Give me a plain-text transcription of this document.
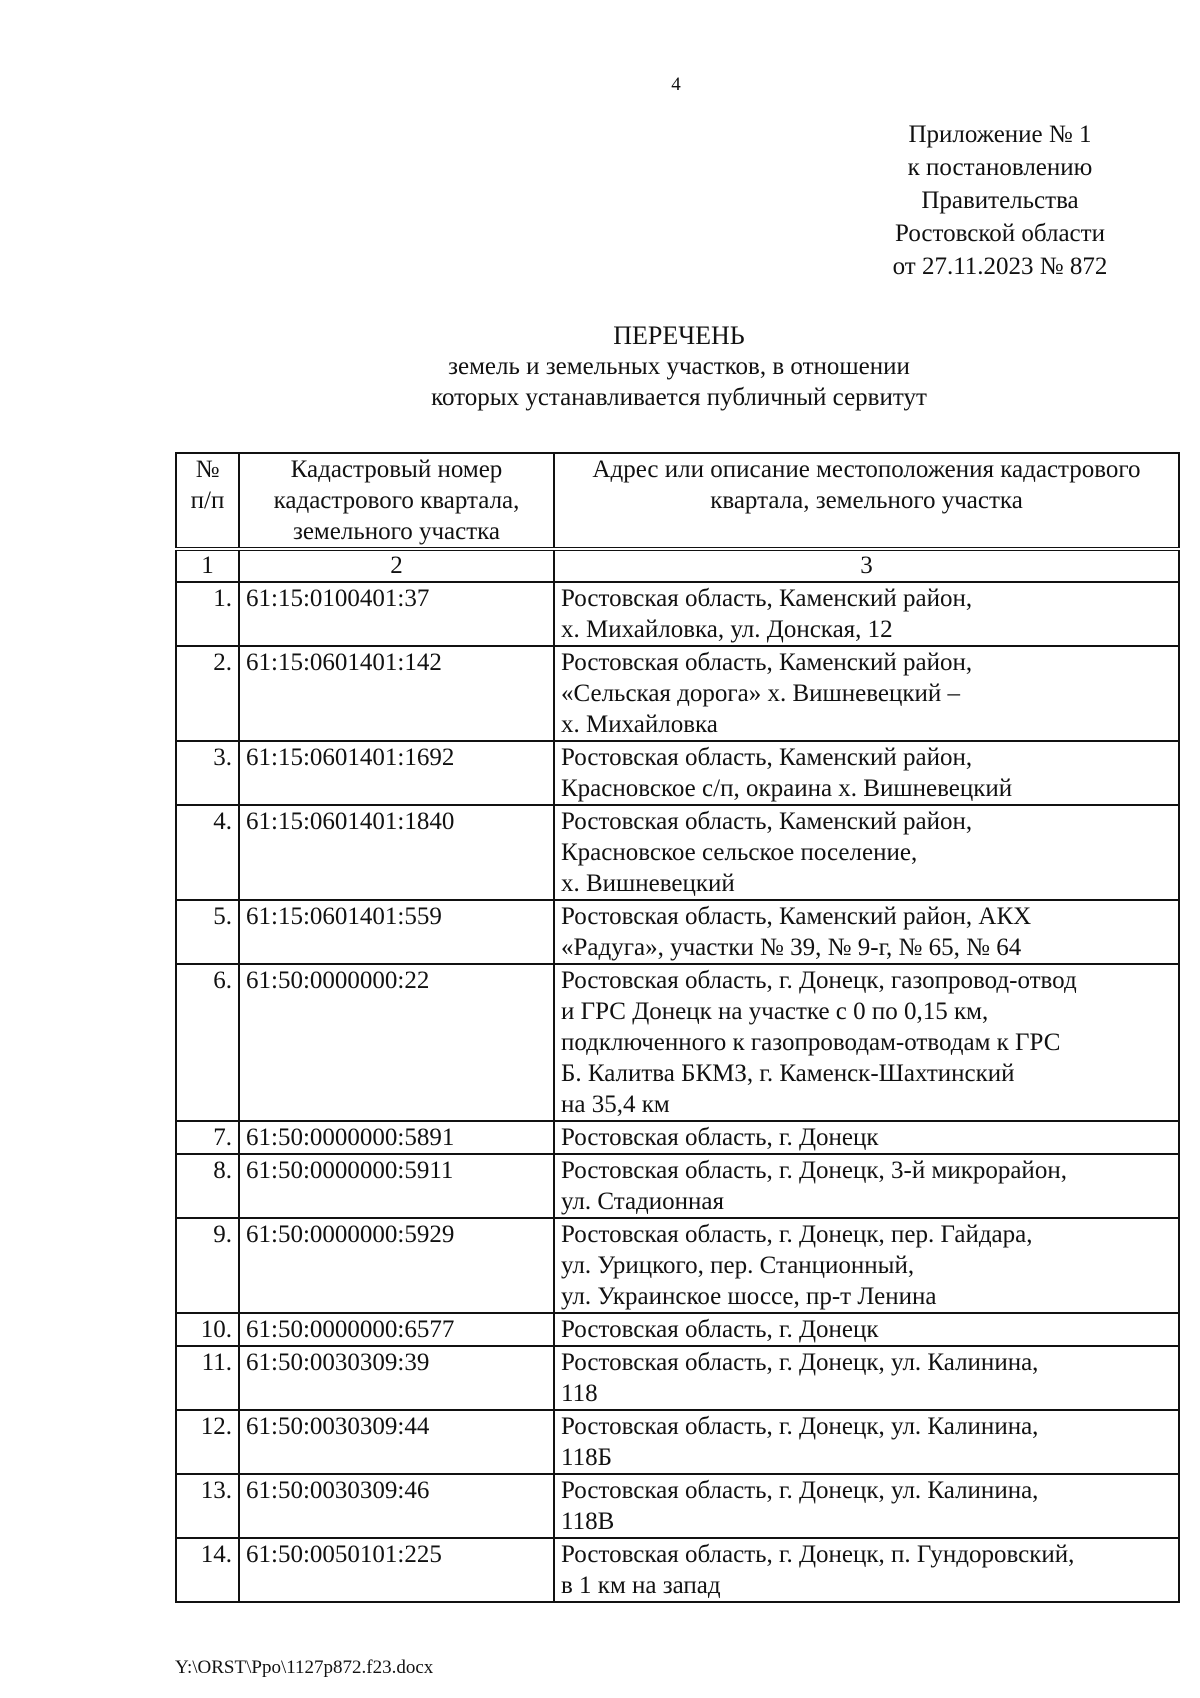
4
Приложение № 1
к постановлению
Правительства
Ростовской области
от 27.11.2023 № 872
ПЕРЕЧЕНЬ
земель и земельных участков, в отношении
которых устанавливается публичный сервитут
№ п/п	Кадастровый номер кадастрового квартала, земельного участка	Адрес или описание местоположения кадастрового квартала, земельного участка
1	2	3
1.	61:15:0100401:37	Ростовская область, Каменский район,
х. Михайловка, ул. Донская, 12

2.	61:15:0601401:142	Ростовская область, Каменский район,
«Сельская дорога» х. Вишневецкий –
х. Михайловка

3.	61:15:0601401:1692	Ростовская область, Каменский район,
Красновское с/п, окраина х. Вишневецкий

4.	61:15:0601401:1840	Ростовская область, Каменский район,
Красновское сельское поселение,
х. Вишневецкий

5.	61:15:0601401:559	Ростовская область, Каменский район, АКХ
«Радуга», участки № 39, № 9-г, № 65, № 64

6.	61:50:0000000:22	Ростовская область, г. Донецк, газопровод-отвод
и ГРС Донецк на участке с 0 по 0,15 км,
подключенного к газопроводам-отводам к ГРС
Б. Калитва БКМЗ, г. Каменск-Шахтинский
на 35,4 км

7.	61:50:0000000:5891	Ростовская область, г. Донецк

8.	61:50:0000000:5911	Ростовская область, г. Донецк, 3-й микрорайон,
ул. Стадионная

9.	61:50:0000000:5929	Ростовская область, г. Донецк, пер. Гайдара,
ул. Урицкого, пер. Станционный,
ул. Украинское шоссе, пр-т Ленина

10.	61:50:0000000:6577	Ростовская область, г. Донецк

11.	61:50:0030309:39	Ростовская область, г. Донецк, ул. Калинина,
118

12.	61:50:0030309:44	Ростовская область, г. Донецк, ул. Калинина,
118Б

13.	61:50:0030309:46	Ростовская область, г. Донецк, ул. Калинина,
118В

14.	61:50:0050101:225	Ростовская область, г. Донецк, п. Гундоровский,
в 1 км на запад
Y:\ORST\Ppo\1127p872.f23.docx
